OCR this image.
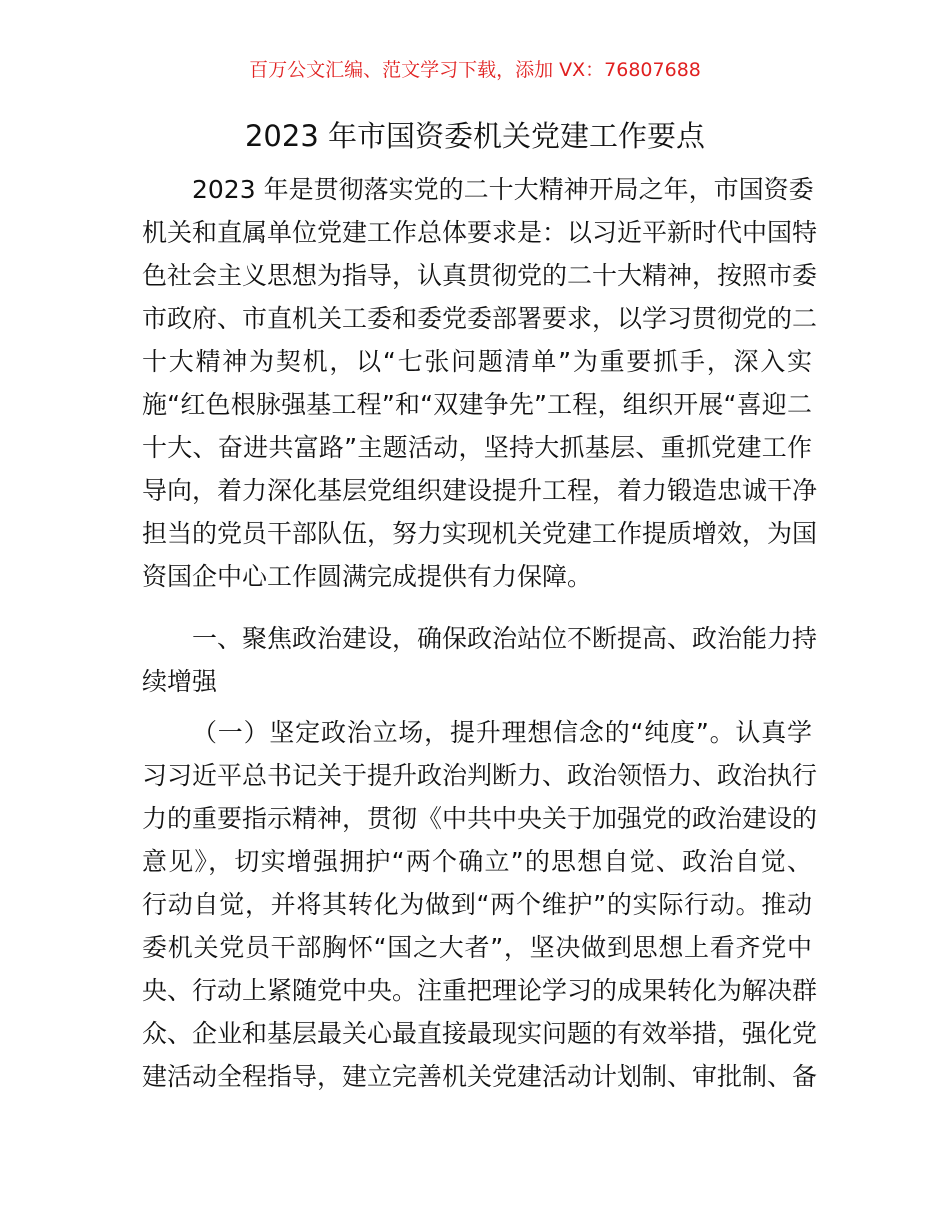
百万公文汇编、范文学习下载，添加 VX：76807688
2023 年市国资委机关党建工作要点
2023 年是贯彻落实党的二十大精神开局之年，市国资委
机关和直属单位党建工作总体要求是：以习近平新时代中国特
色社会主义思想为指导，认真贯彻党的二十大精神，按照市委
市政府、市直机关工委和委党委部署要求，以学习贯彻党的二
十大精神为契机，以“七张问题清单”为重要抓手，深入实
施“红色根脉强基工程”和“双建争先”工程，组织开展“喜迎二
十大、奋进共富路”主题活动，坚持大抓基层、重抓党建工作
导向，着力深化基层党组织建设提升工程，着力锻造忠诚干净
担当的党员干部队伍，努力实现机关党建工作提质增效，为国
资国企中心工作圆满完成提供有力保障。
一、聚焦政治建设，确保政治站位不断提高、政治能力持
续增强
（一）坚定政治立场，提升理想信念的“纯度”。认真学
习习近平总书记关于提升政治判断力、政治领悟力、政治执行
力的重要指示精神，贯彻《中共中央关于加强党的政治建设的
意见》，切实增强拥护“两个确立”的思想自觉、政治自觉、
行动自觉，并将其转化为做到“两个维护”的实际行动。推动
委机关党员干部胸怀“国之大者”，坚决做到思想上看齐党中
央、行动上紧随党中央。注重把理论学习的成果转化为解决群
众、企业和基层最关心最直接最现实问题的有效举措，强化党
建活动全程指导，建立完善机关党建活动计划制、审批制、备
